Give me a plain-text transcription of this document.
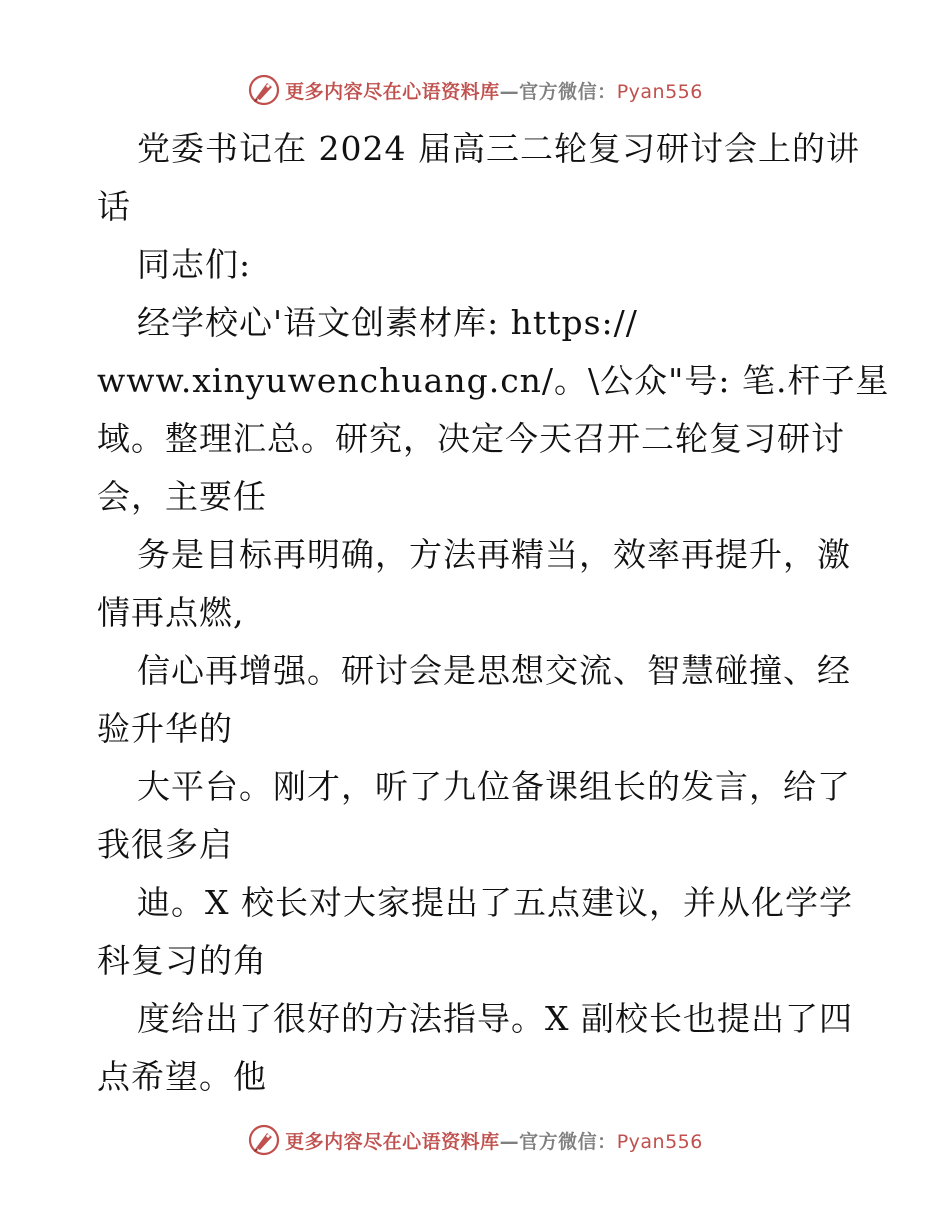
更多内容尽在心语资料库—官方微信：Pyan556
党委书记在 2024 届高三二轮复习研讨会上的讲
话
同志们:
经学校心'语文创素材库: https://
www.xinyuwenchuang.cn/。\公众"号: 笔.杆子星
域。整理汇总。研究，决定今天召开二轮复习研讨
会，主要任
务是目标再明确，方法再精当，效率再提升，激
情再点燃,
信心再增强。研讨会是思想交流、智慧碰撞、经
验升华的
大平台。刚才，听了九位备课组长的发言，给了
我很多启
迪。X 校长对大家提出了五点建议，并从化学学
科复习的角
度给出了很好的方法指导。X 副校长也提出了四
点希望。他
更多内容尽在心语资料库—官方微信：Pyan556
